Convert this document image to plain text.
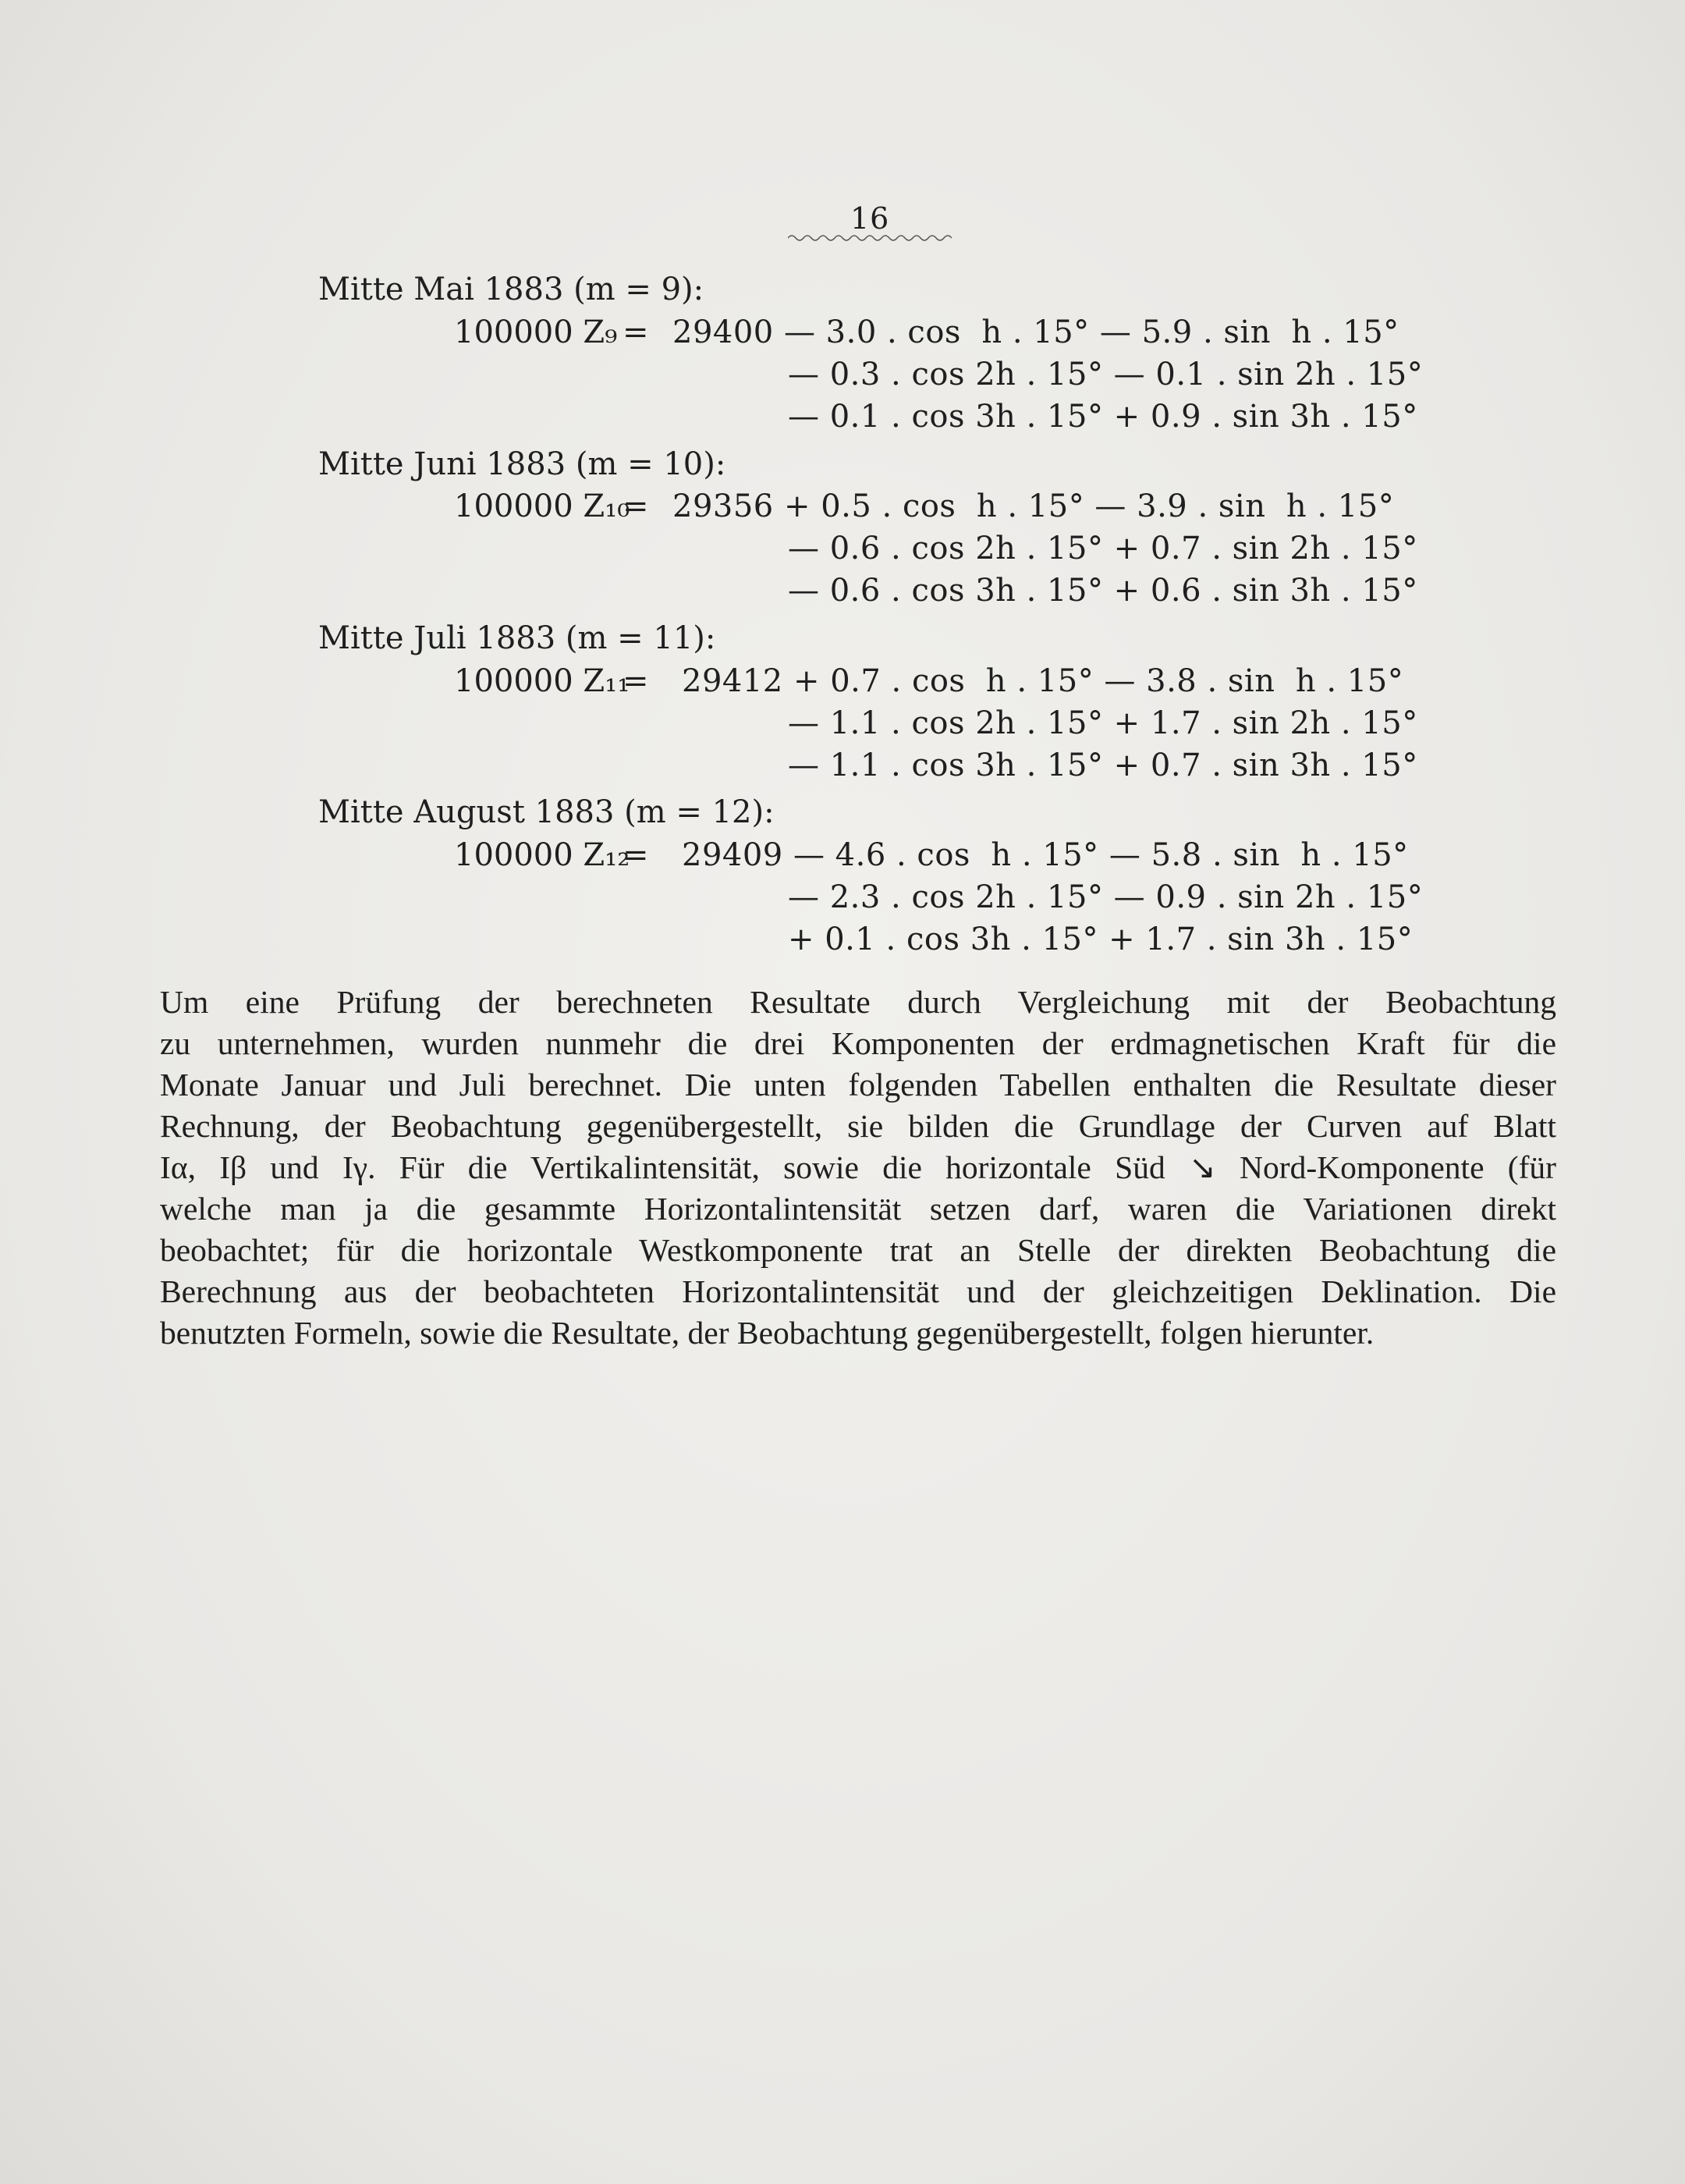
16
Mitte Mai 1883 (m = 9):
100000 Z₉ = 29400 — 3.0 . cos  h . 15° — 5.9 . sin  h . 15°
— 0.3 . cos 2h . 15° — 0.1 . sin 2h . 15°
— 0.1 . cos 3h . 15° + 0.9 . sin 3h . 15°
Mitte Juni 1883 (m = 10):
100000 Z₁₀
= 29356 + 0.5 . cos  h . 15° — 3.9 . sin  h . 15°
— 0.6 . cos 2h . 15° + 0.7 . sin 2h . 15°
— 0.6 . cos 3h . 15° + 0.6 . sin 3h . 15°
Mitte Juli 1883 (m = 11):
100000 Z₁₁
= 29412 + 0.7 . cos  h . 15° — 3.8 . sin  h . 15°
— 1.1 . cos 2h . 15° + 1.7 . sin 2h . 15°
— 1.1 . cos 3h . 15° + 0.7 . sin 3h . 15°
Mitte August 1883 (m = 12):
100000 Z₁₂
= 29409 — 4.6 . cos  h . 15° — 5.8 . sin  h . 15°
— 2.3 . cos 2h . 15° — 0.9 . sin 2h . 15°
+ 0.1 . cos 3h . 15° + 1.7 . sin 3h . 15°
Um eine Prüfung der berechneten Resultate durch Vergleichung mit der Beobachtung
zu unternehmen, wurden nunmehr die drei Komponenten der erdmagnetischen Kraft für die
Monate Januar und Juli berechnet. Die unten folgenden Tabellen enthalten die Resultate dieser
Rechnung, der Beobachtung gegenübergestellt, sie bilden die Grundlage der Curven auf Blatt
Iα, Iβ und Iγ. Für die Vertikalintensität, sowie die horizontale Süd ↘ Nord-Komponente (für
welche man ja die gesammte Horizontalintensität setzen darf, waren die Variationen direkt
beobachtet; für die horizontale Westkomponente trat an Stelle der direkten Beobachtung die
Berechnung aus der beobachteten Horizontalintensität und der gleichzeitigen Deklination. Die
benutzten Formeln, sowie die Resultate, der Beobachtung gegenübergestellt, folgen hierunter.
